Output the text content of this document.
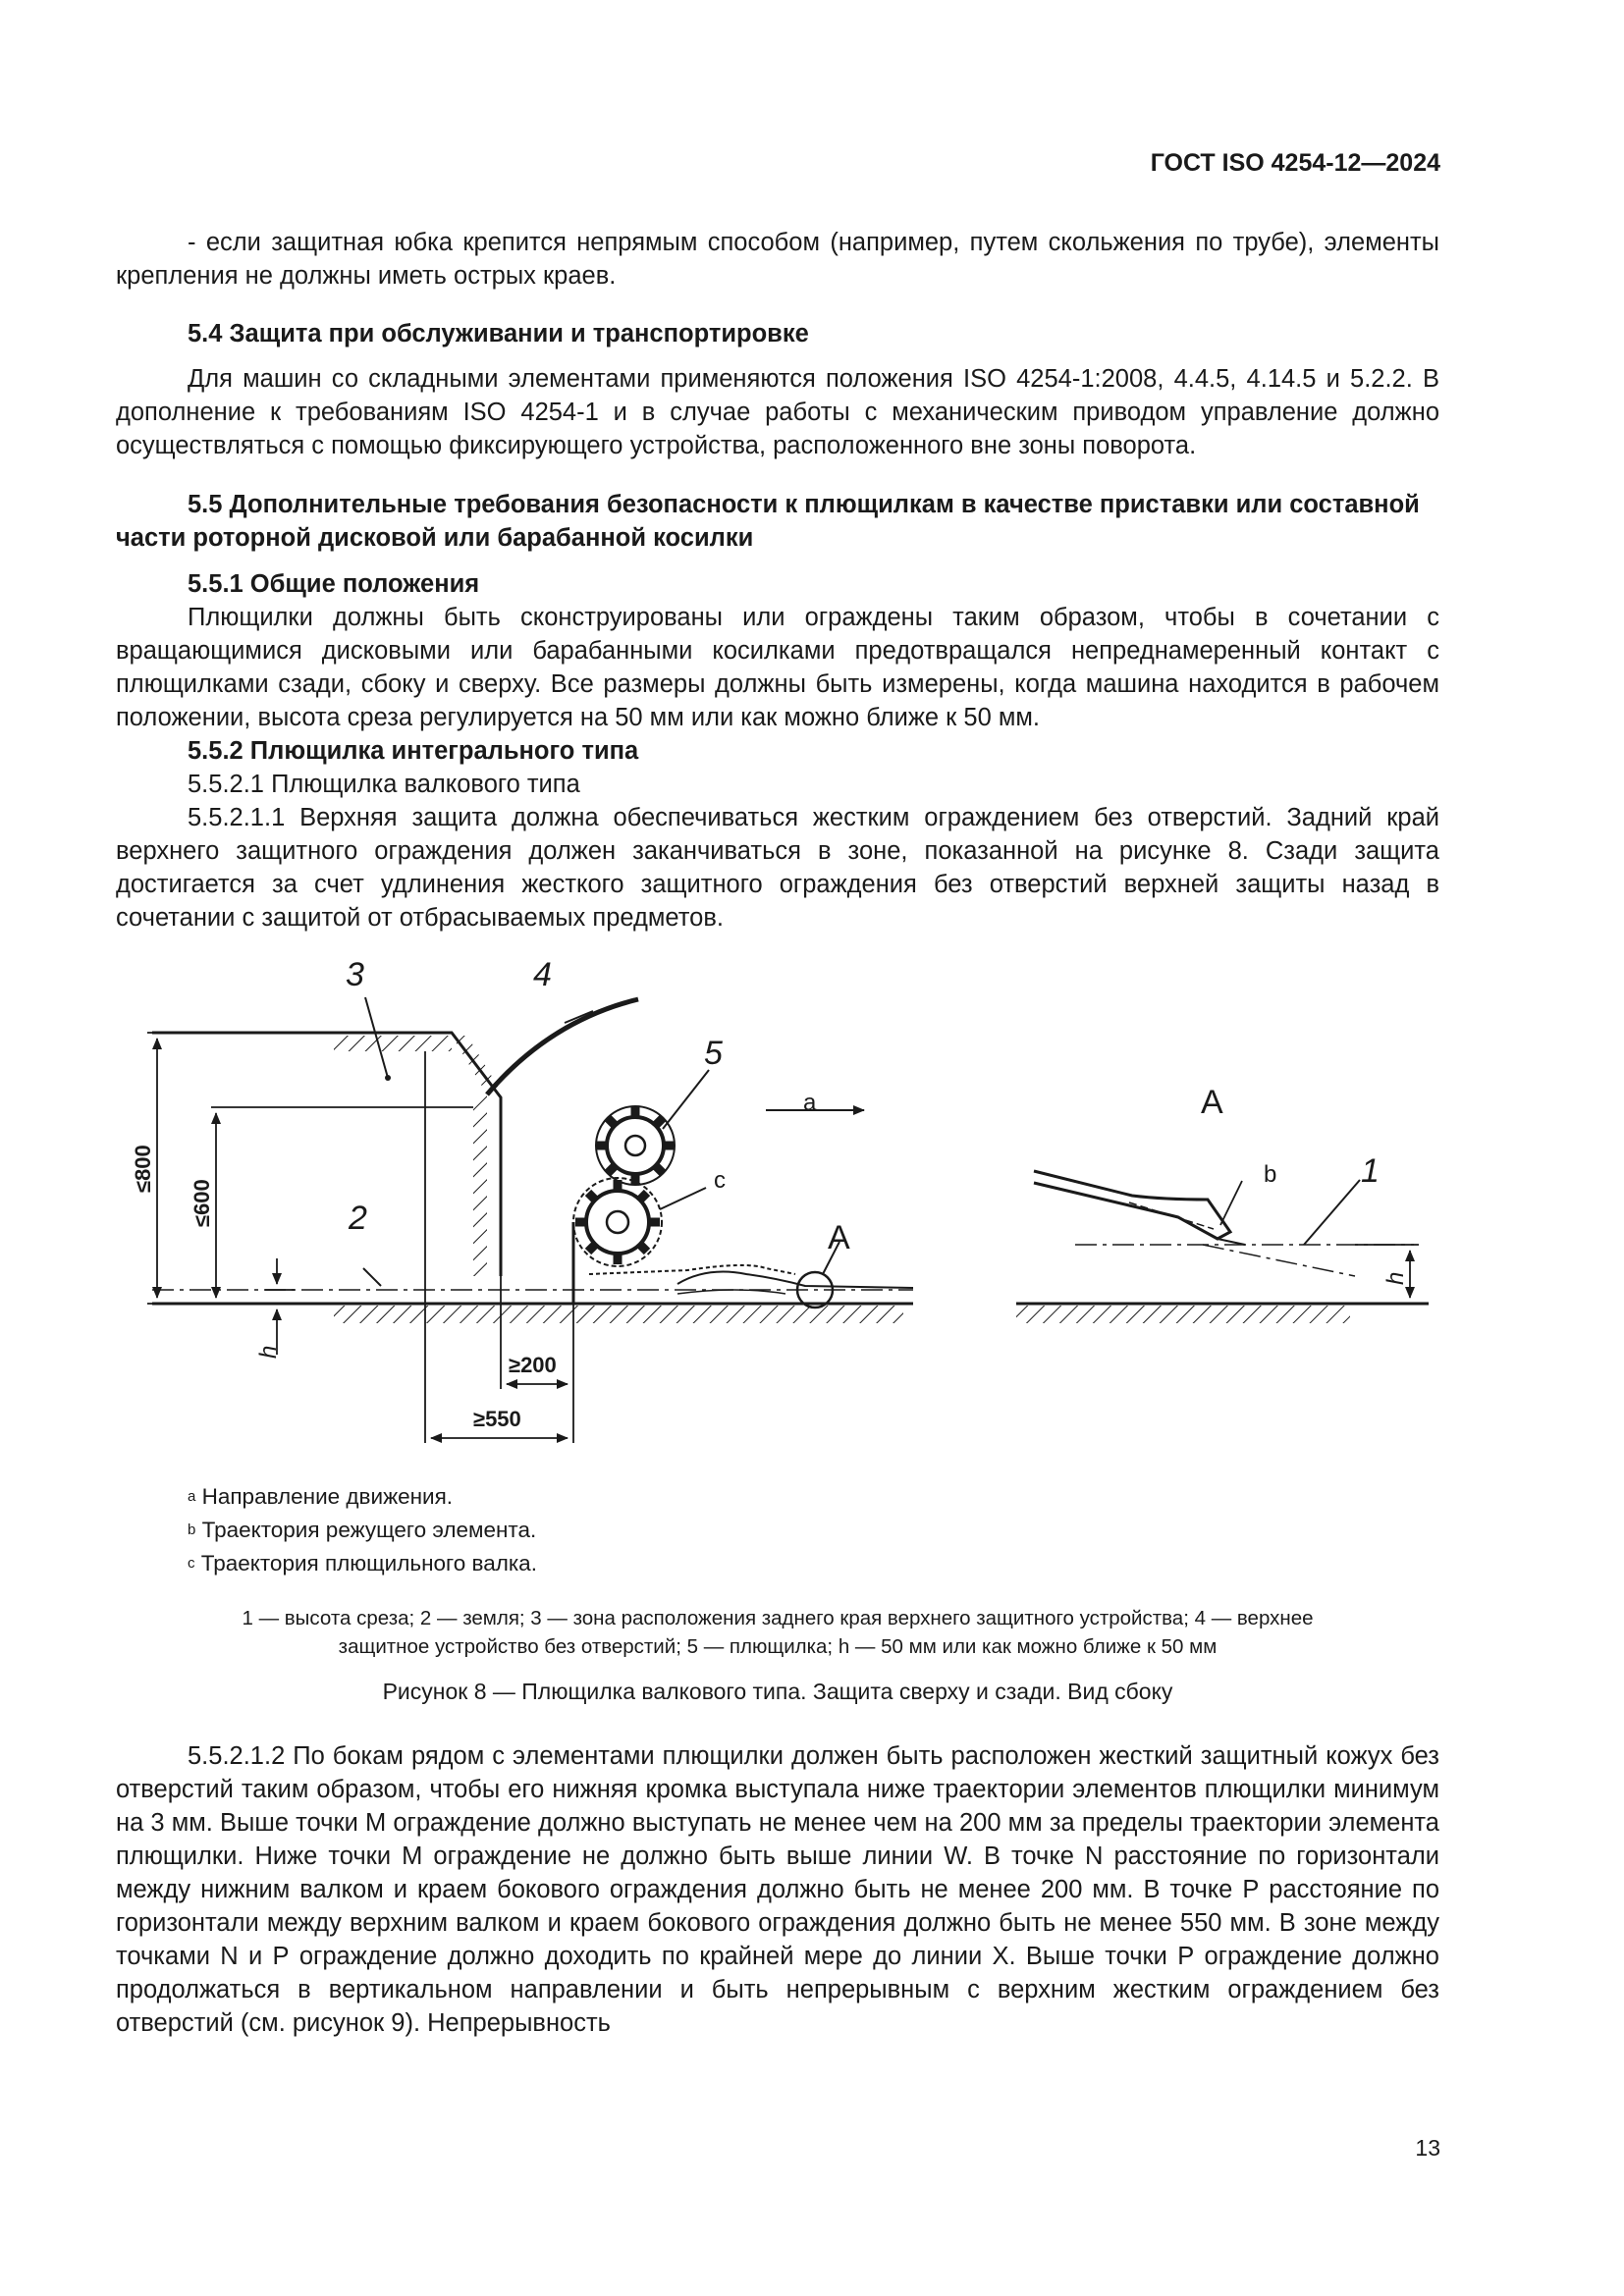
ГОСТ ISO 4254-12—2024
- если защитная юбка крепится непрямым способом (например, путем скольжения по трубе), элементы крепления не должны иметь острых краев.
5.4 Защита при обслуживании и транспортировке
Для машин со складными элементами применяются положения ISO 4254-1:2008, 4.4.5, 4.14.5 и 5.2.2. В дополнение к требованиям ISO 4254-1 и в случае работы с механическим приводом управление должно осуществляться с помощью фиксирующего устройства, расположенного вне зоны поворота.
5.5 Дополнительные требования безопасности к плющилкам в качестве приставки или составной части роторной дисковой или барабанной косилки
5.5.1 Общие положения
Плющилки должны быть сконструированы или ограждены таким образом, чтобы в сочетании с вращающимися дисковыми или барабанными косилками предотвращался непреднамеренный контакт с плющилками сзади, сбоку и сверху. Все размеры должны быть измерены, когда машина находится в рабочем положении, высота среза регулируется на 50 мм или как можно ближе к 50 мм.
5.5.2 Плющилка интегрального типа
5.5.2.1 Плющилка валкового типа
5.5.2.1.1 Верхняя защита должна обеспечиваться жестким ограждением без отверстий. Задний край верхнего защитного ограждения должен заканчиваться в зоне, показанной на рисунке 8. Сзади защита достигается за счет удлинения жесткого защитного ограждения без отверстий верхней защиты назад в сочетании с защитой от отбрасываемых предметов.
3	4
5
2
a
c
A
h
≤800
≤600
≥200
≥550
A
b	1
h
$^a$ Направление движения.
$^b$ Траектория режущего элемента.
$^c$ Траектория плющильного валка.
1 — высота среза; 2 — земля; 3 — зона расположения заднего края верхнего защитного устройства; 4 — верхнее
защитное устройство без отверстий; 5 — плющилка; h — 50 мм или как можно ближе к 50 мм
Рисунок 8 — Плющилка валкового типа. Защита сверху и сзади. Вид сбоку
5.5.2.1.2 По бокам рядом с элементами плющилки должен быть расположен жесткий защитный кожух без отверстий таким образом, чтобы его нижняя кромка выступала ниже траектории элементов плющилки минимум на 3 мм. Выше точки М ограждение должно выступать не менее чем на 200 мм за пределы траектории элемента плющилки. Ниже точки М ограждение не должно быть выше линии W. В точке N расстояние по горизонтали между нижним валком и краем бокового ограждения должно быть не менее 200 мм. В точке Р расстояние по горизонтали между верхним валком и краем бокового ограждения должно быть не менее 550 мм. В зоне между точками N и Р ограждение должно доходить по крайней мере до линии X. Выше точки Р ограждение должно продолжаться в вертикальном направлении и быть непрерывным с верхним жестким ограждением без отверстий (см. рисунок 9). Непрерывность
13
